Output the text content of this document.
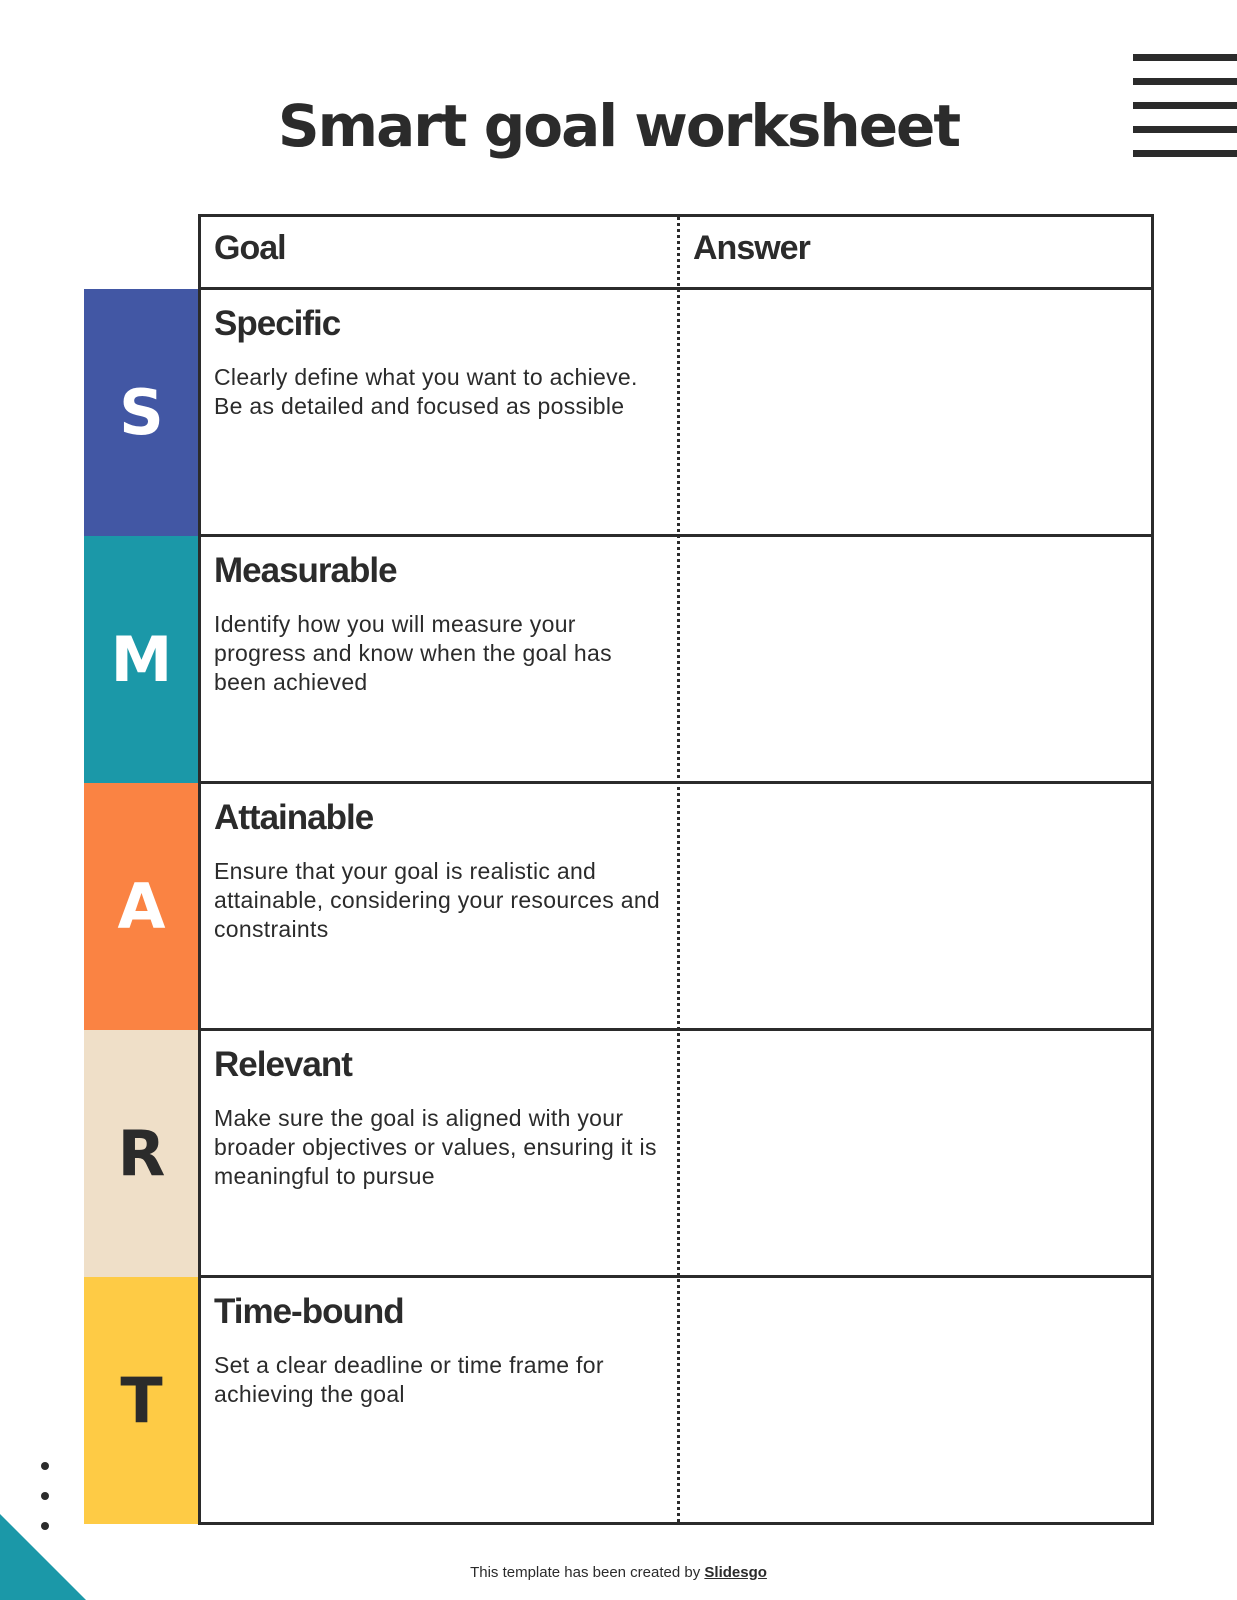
Smart goal worksheet
S
M
A
R
T
Goal	Answer
Specific
Clearly define what you want to achieve. Be as detailed and focused as possible
Measurable
Identify how you will measure your progress and know when the goal has been achieved
Attainable
Ensure that your goal is realistic and attainable, considering your resources and constraints
Relevant
Make sure the goal is aligned with your broader objectives or values, ensuring it is meaningful to pursue
Time-bound
Set a clear deadline or time frame for achieving the goal
This template has been created by Slidesgo
